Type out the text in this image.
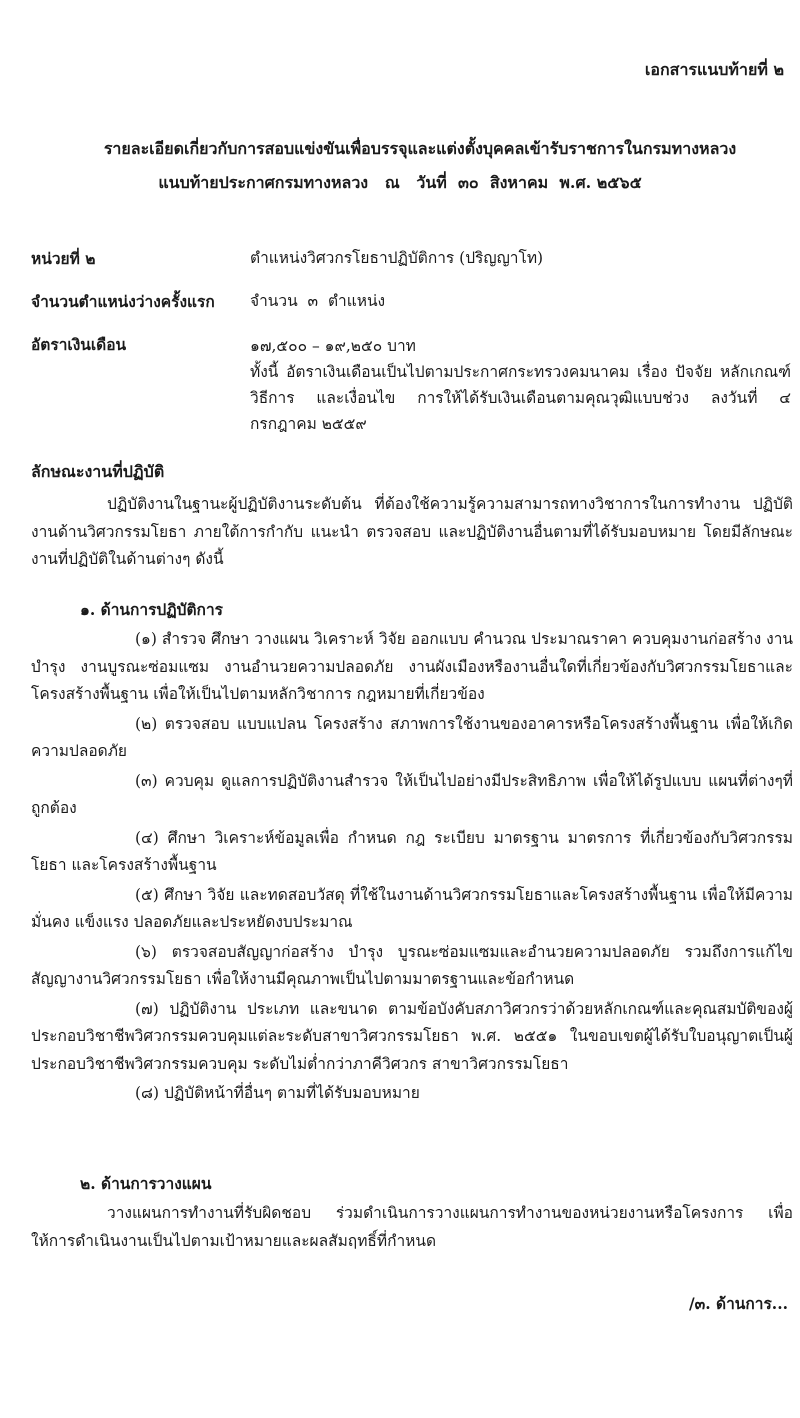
เอกสารแนบท้ายที่ ๒
รายละเอียดเกี่ยวกับการสอบแข่งขันเพื่อบรรจุและแต่งตั้งบุคคลเข้ารับราชการในกรมทางหลวง
แนบท้ายประกาศกรมทางหลวง   ณ   วันที่  ๓๐  สิงหาคม  พ.ศ. ๒๕๖๕
หน่วยที่ ๒	ตำแหน่งวิศวกรโยธาปฏิบัติการ (ปริญญาโท)
จำนวนตำแหน่งว่างครั้งแรก	จำนวน  ๓  ตำแหน่ง
อัตราเงินเดือน	๑๗,๕๐๐ – ๑๙,๒๕๐ บาท

ทั้งนี้ อัตราเงินเดือนเป็นไปตามประกาศกระทรวงคมนาคม เรื่อง ปัจจัย หลักเกณฑ์ วิธีการ และเงื่อนไข การให้ได้รับเงินเดือนตามคุณวุฒิแบบช่วง ลงวันที่ ๔ กรกฎาคม ๒๕๕๙

ลักษณะงานที่ปฏิบัติ

ปฏิบัติงานในฐานะผู้ปฏิบัติงานระดับต้น ที่ต้องใช้ความรู้ความสามารถทางวิชาการในการทำงาน ปฏิบัติงานด้านวิศวกรรมโยธา ภายใต้การกำกับ แนะนำ ตรวจสอบ และปฏิบัติงานอื่นตามที่ได้รับมอบหมาย โดยมีลักษณะงานที่ปฏิบัติในด้านต่างๆ ดังนี้

๑. ด้านการปฏิบัติการ

(๑) สำรวจ ศึกษา วางแผน วิเคราะห์ วิจัย ออกแบบ คำนวณ ประมาณราคา ควบคุมงานก่อสร้าง งานบำรุง งานบูรณะซ่อมแซม งานอำนวยความปลอดภัย งานผังเมืองหรืองานอื่นใดที่เกี่ยวข้องกับวิศวกรรมโยธาและโครงสร้างพื้นฐาน เพื่อให้เป็นไปตามหลักวิชาการ กฎหมายที่เกี่ยวข้อง

(๒) ตรวจสอบ แบบแปลน โครงสร้าง สภาพการใช้งานของอาคารหรือโครงสร้างพื้นฐาน เพื่อให้เกิดความปลอดภัย

(๓) ควบคุม ดูแลการปฏิบัติงานสำรวจ ให้เป็นไปอย่างมีประสิทธิภาพ เพื่อให้ได้รูปแบบ แผนที่ต่างๆที่ถูกต้อง

(๔) ศึกษา วิเคราะห์ข้อมูลเพื่อ กำหนด กฎ ระเบียบ มาตรฐาน มาตรการ ที่เกี่ยวข้องกับวิศวกรรมโยธา และโครงสร้างพื้นฐาน

(๕) ศึกษา วิจัย และทดสอบวัสดุ ที่ใช้ในงานด้านวิศวกรรมโยธาและโครงสร้างพื้นฐาน เพื่อให้มีความมั่นคง แข็งแรง ปลอดภัยและประหยัดงบประมาณ

(๖) ตรวจสอบสัญญาก่อสร้าง บำรุง บูรณะซ่อมแซมและอำนวยความปลอดภัย รวมถึงการแก้ไขสัญญางานวิศวกรรมโยธา เพื่อให้งานมีคุณภาพเป็นไปตามมาตรฐานและข้อกำหนด

(๗) ปฏิบัติงาน ประเภท และขนาด ตามข้อบังคับสภาวิศวกรว่าด้วยหลักเกณฑ์และคุณสมบัติของผู้ประกอบวิชาชีพวิศวกรรมควบคุมแต่ละระดับสาขาวิศวกรรมโยธา พ.ศ. ๒๕๕๑ ในขอบเขตผู้ได้รับใบอนุญาตเป็นผู้ประกอบวิชาชีพวิศวกรรมควบคุม ระดับไม่ต่ำกว่าภาคีวิศวกร สาขาวิศวกรรมโยธา

(๘) ปฏิบัติหน้าที่อื่นๆ ตามที่ได้รับมอบหมาย

๒. ด้านการวางแผน

วางแผนการทำงานที่รับผิดชอบ ร่วมดำเนินการวางแผนการทำงานของหน่วยงานหรือโครงการ เพื่อให้การดำเนินงานเป็นไปตามเป้าหมายและผลสัมฤทธิ์ที่กำหนด

/๓. ด้านการ...
